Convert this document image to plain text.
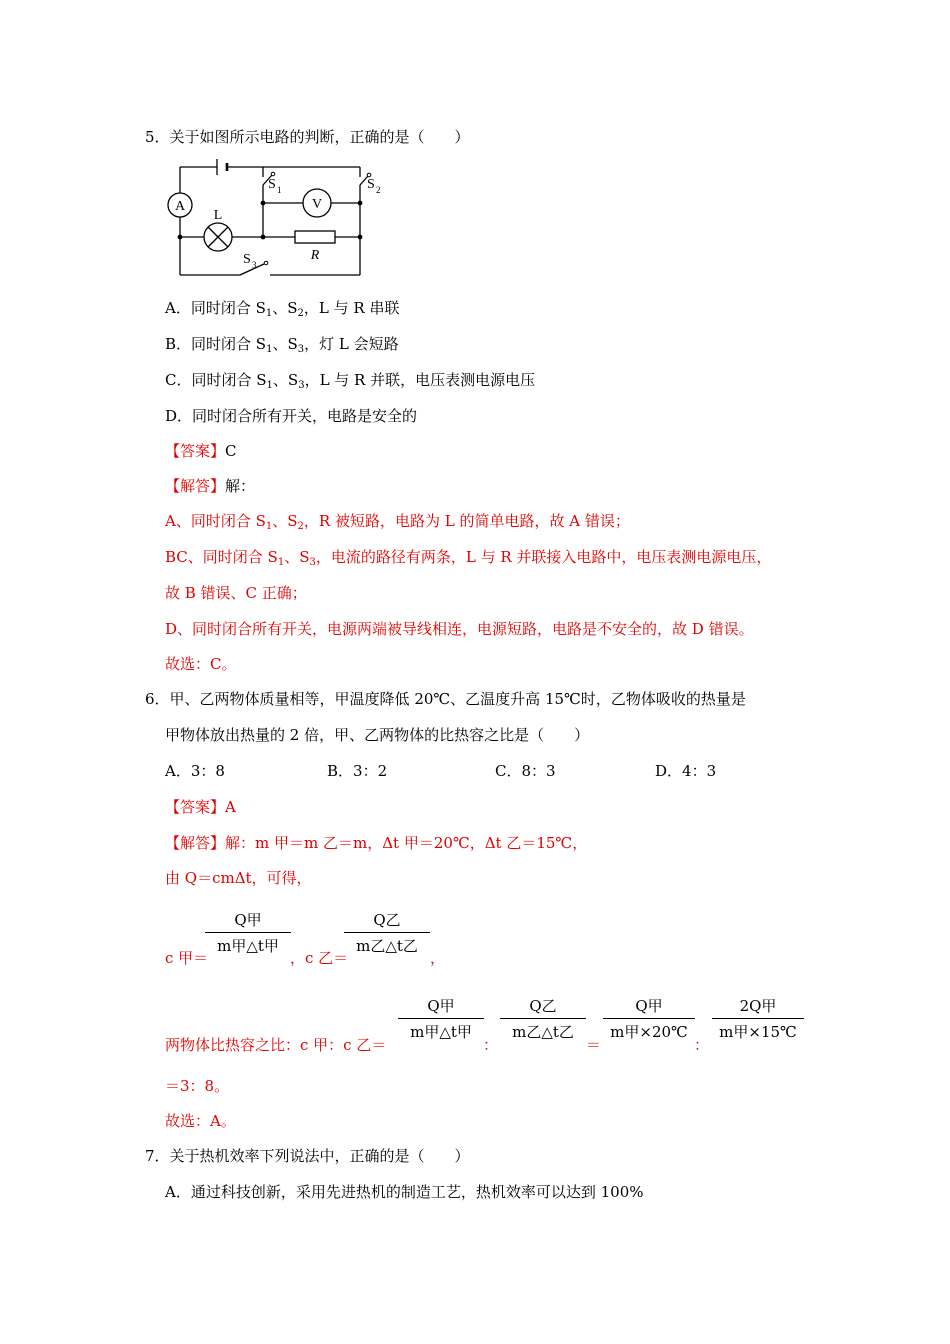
5．关于如图所示电路的判断，正确的是（　　）
A	V
L
R
S 1	S 2
S 3
A．同时闭合 $S_1$、$S_2$，L 与 R 串联
B．同时闭合 $S_1$、$S_3$，灯 L 会短路
C．同时闭合 $S_1$、$S_3$，L 与 R 并联，电压表测电源电压
D．同时闭合所有开关，电路是安全的
【答案】C
【解答】解：
A、同时闭合 $S_1$、$S_2$，R 被短路，电路为 L 的简单电路，故 A 错误；
BC、同时闭合 $S_1$、$S_3$，电流的路径有两条，L 与 R 并联接入电路中，电压表测电源电压，
故 B 错误、C 正确；
D、同时闭合所有开关，电源两端被导线相连，电源短路，电路是不安全的，故 D 错误。
故选：C。
6．甲、乙两物体质量相等，甲温度降低 20℃、乙温度升高 15℃时，乙物体吸收的热量是
甲物体放出热量的 2 倍，甲、乙两物体的比热容之比是（　　）
A．3：8	B．3：2	C．8：3	D．4：3
【答案】A
【解答】解：m 甲＝m 乙＝m，Δt 甲＝20℃，Δt 乙＝15℃，
由 Q＝cmΔt，可得，
c 甲＝
Q甲
m甲△t甲
，c 乙＝
Q乙
m乙△t乙
，
两物体比热容之比：c 甲：c 乙＝
Q甲
m甲△t甲
：
Q乙
m乙△t乙
＝
Q甲
m甲×20℃
：
2Q甲
m甲×15℃
＝3：8。
故选：A。
7．关于热机效率下列说法中，正确的是（　　）
A．通过科技创新，采用先进热机的制造工艺，热机效率可以达到 100%
